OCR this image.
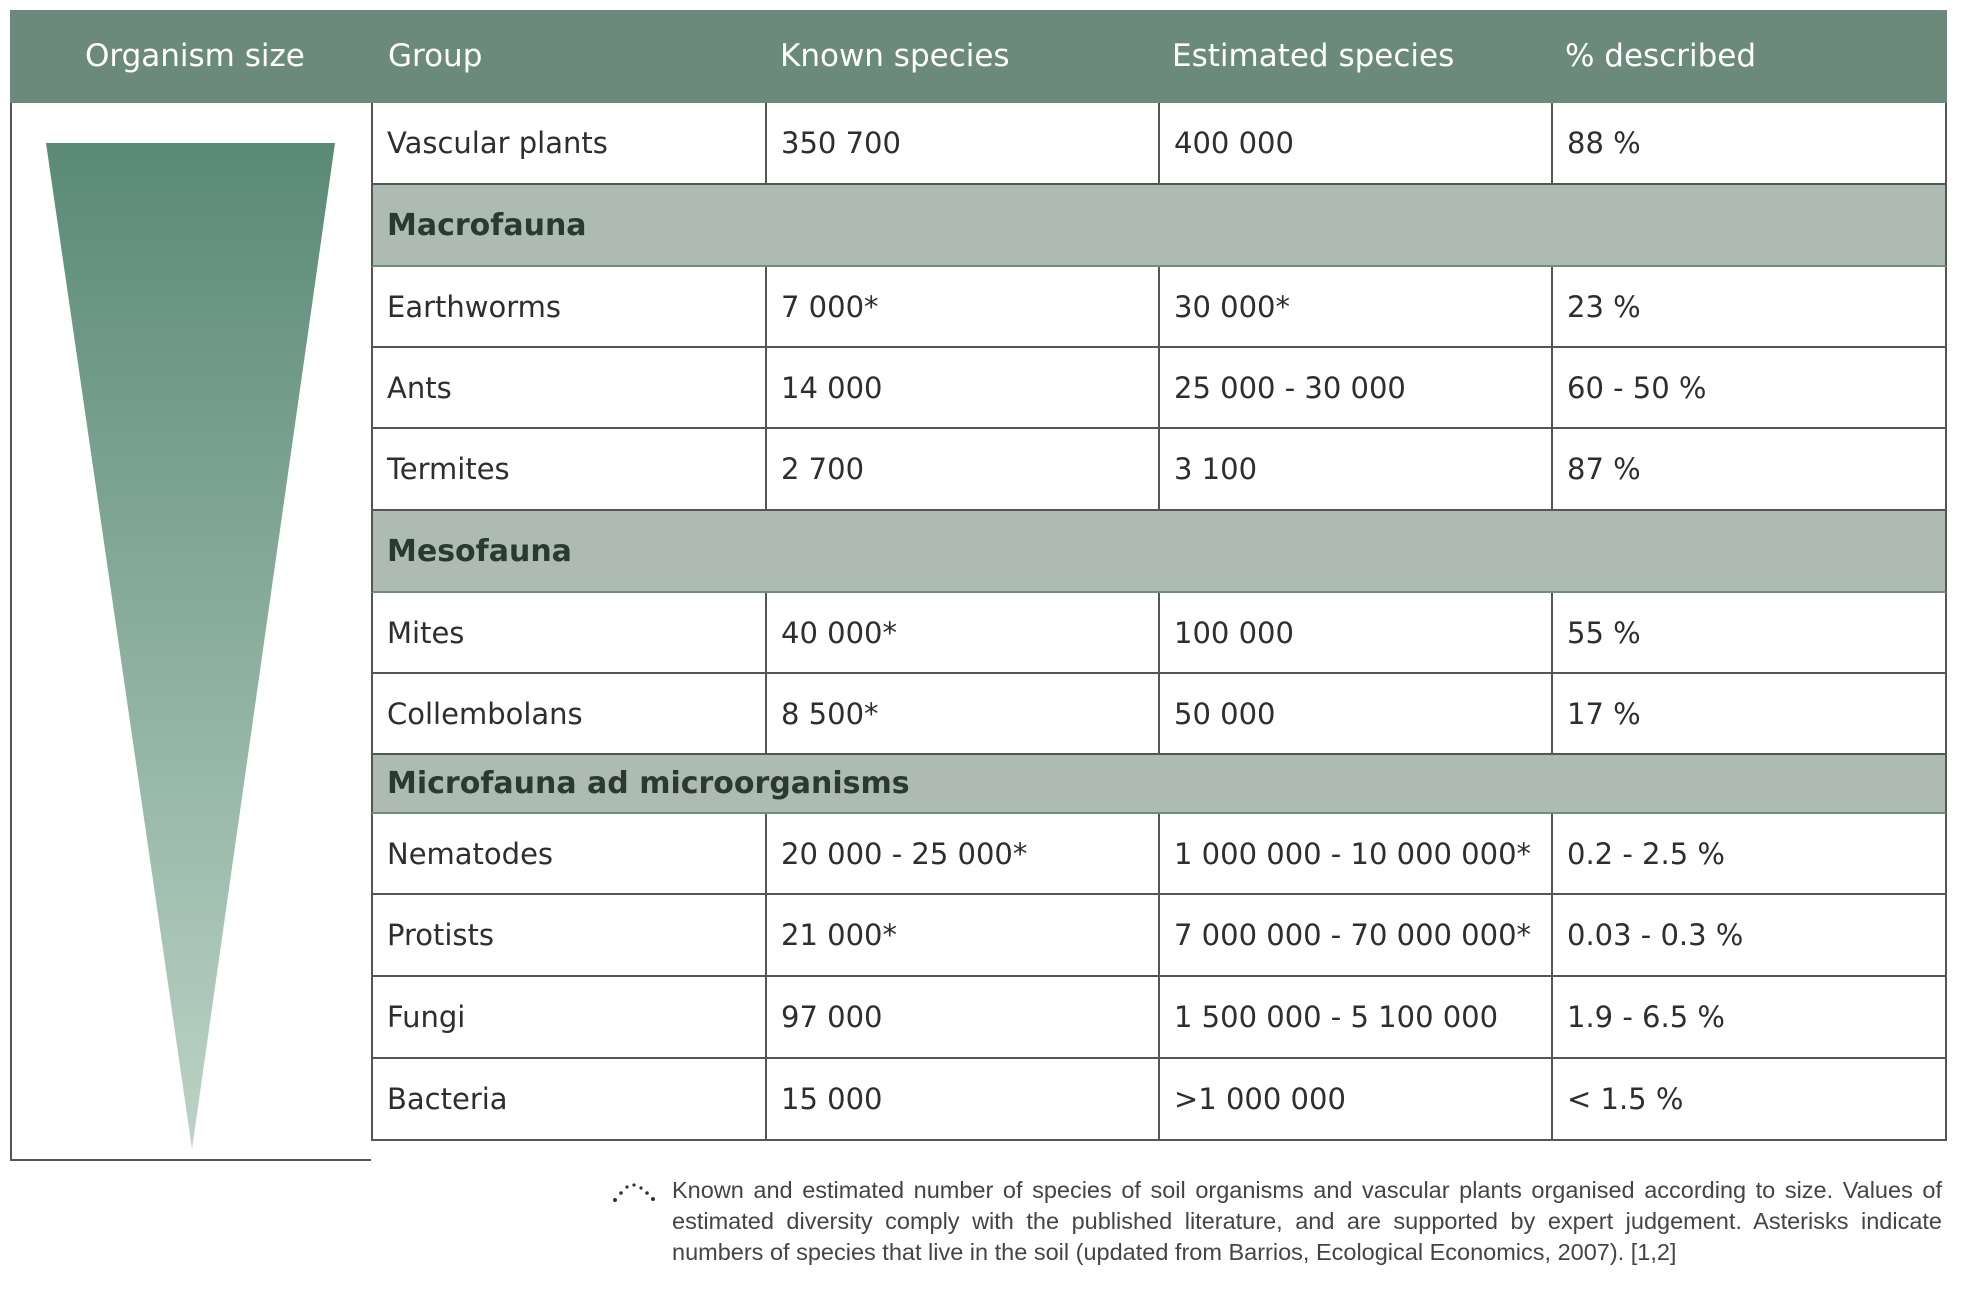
Organism size	Group	Known species	Estimated species	% described
Vascular plants	350 700	400 000	88 %
Macrofauna
Earthworms	7 000*	30 000*	23 %
Ants	14 000	25 000 - 30 000	60 - 50 %
Termites	2 700	3 100	87 %
Mesofauna
Mites	40 000*	100 000	55 %
Collembolans	8 500*	50 000	17 %
Microfauna ad microorganisms
Nematodes	20 000 - 25 000*	1 000 000 - 10 000 000*	0.2 - 2.5 %
Protists	21 000*	7 000 000 - 70 000 000*	0.03 - 0.3 %
Fungi	97 000	1 500 000 - 5 100 000	1.9 - 6.5 %
Bacteria	15 000	>1 000 000	< 1.5 %
Known and estimated number of species of soil organisms and vascular plants organised according to size. Values of estimated diversity comply with the published literature, and are supported by expert judgement. Asterisks indicate numbers of species that live in the soil (updated from Barrios, Ecological Economics, 2007). [1,2]
